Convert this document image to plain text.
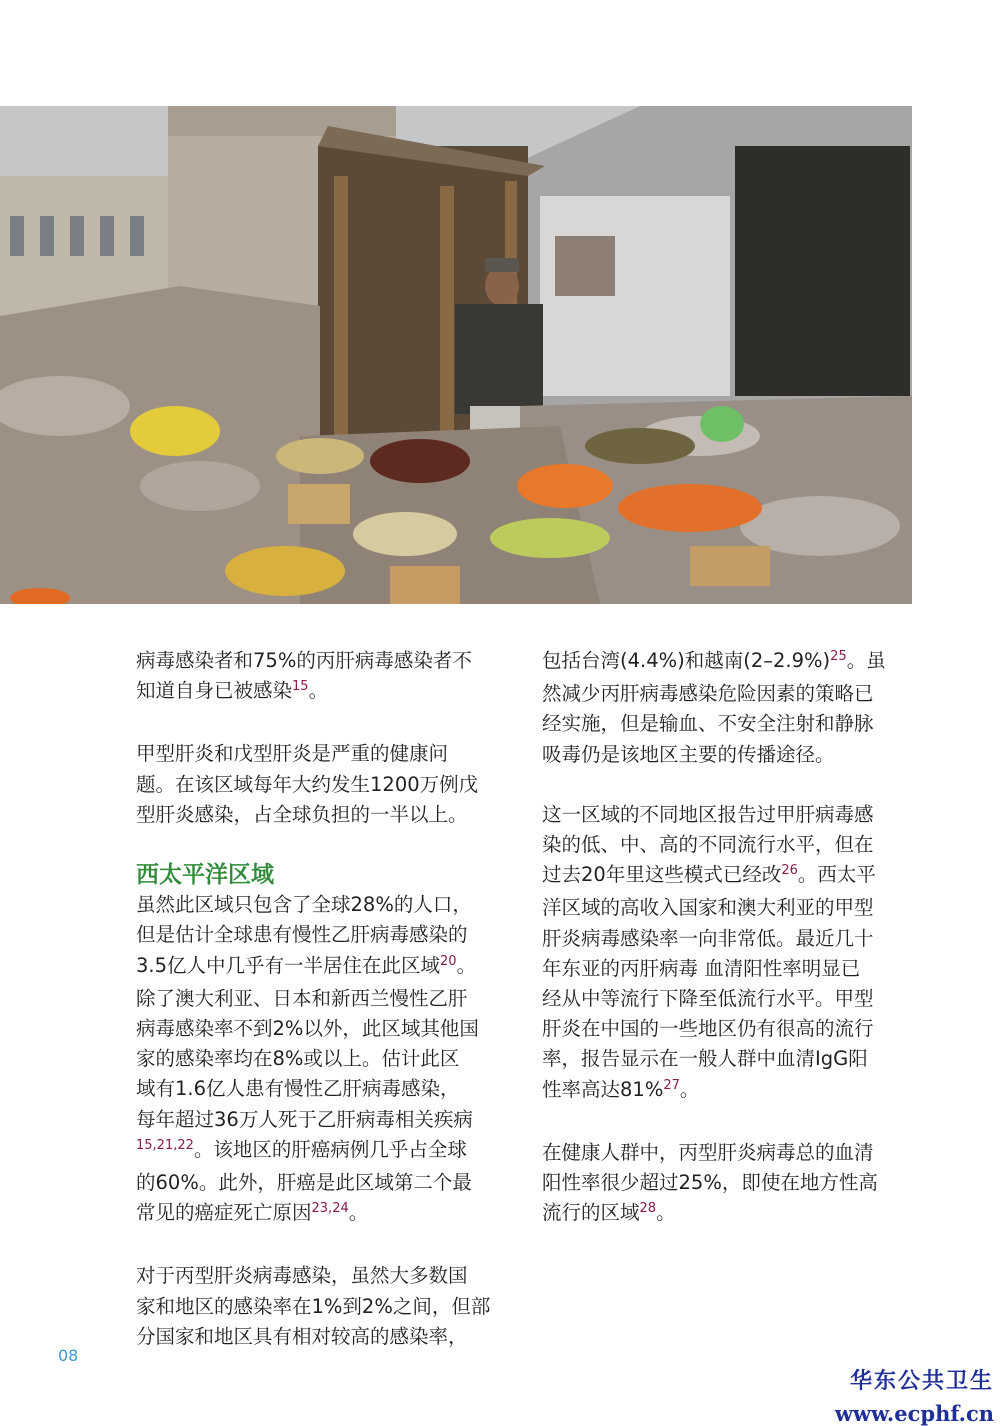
病毒感染者和75%的丙肝病毒感染者不
知道自身已被感染$^{15}$。
甲型肝炎和戊型肝炎是严重的健康问
题。在该区域每年大约发生1200万例戊
型肝炎感染，占全球负担的一半以上。
西太平洋区域
虽然此区域只包含了全球28%的人口，
但是估计全球患有慢性乙肝病毒感染的
3.5亿人中几乎有一半居住在此区域$^{20}$。
除了澳大利亚、日本和新西兰慢性乙肝
病毒感染率不到2%以外，此区域其他国
家的感染率均在8%或以上。估计此区
域有1.6亿人患有慢性乙肝病毒感染，
每年超过36万人死于乙肝病毒相关疾病
$^{15,21,22}$。该地区的肝癌病例几乎占全球
的60%。此外，肝癌是此区域第二个最
常见的癌症死亡原因$^{23,24}$。
对于丙型肝炎病毒感染，虽然大多数国
家和地区的感染率在1%到2%之间，但部
分国家和地区具有相对较高的感染率，
包括台湾(4.4%)和越南$(2-2.9\%)^{25}$。虽
然减少丙肝病毒感染危险因素的策略已
经实施，但是输血、不安全注射和静脉
吸毒仍是该地区主要的传播途径。
这一区域的不同地区报告过甲肝病毒感
染的低、中、高的不同流行水平，但在
过去20年里这些模式已经改$^{26}$。西太平
洋区域的高收入国家和澳大利亚的甲型
肝炎病毒感染率一向非常低。最近几十
年东亚的丙肝病毒 血清阳性率明显已
经从中等流行下降至低流行水平。甲型
肝炎在中国的一些地区仍有很高的流行
率，报告显示在一般人群中血清IgG阳
性率高达81%$^{27}$。
在健康人群中，丙型肝炎病毒总的血清
阳性率很少超过25%，即使在地方性高
流行的区域$^{28}$。
08
华东公共卫生
www.ecphf.cn
